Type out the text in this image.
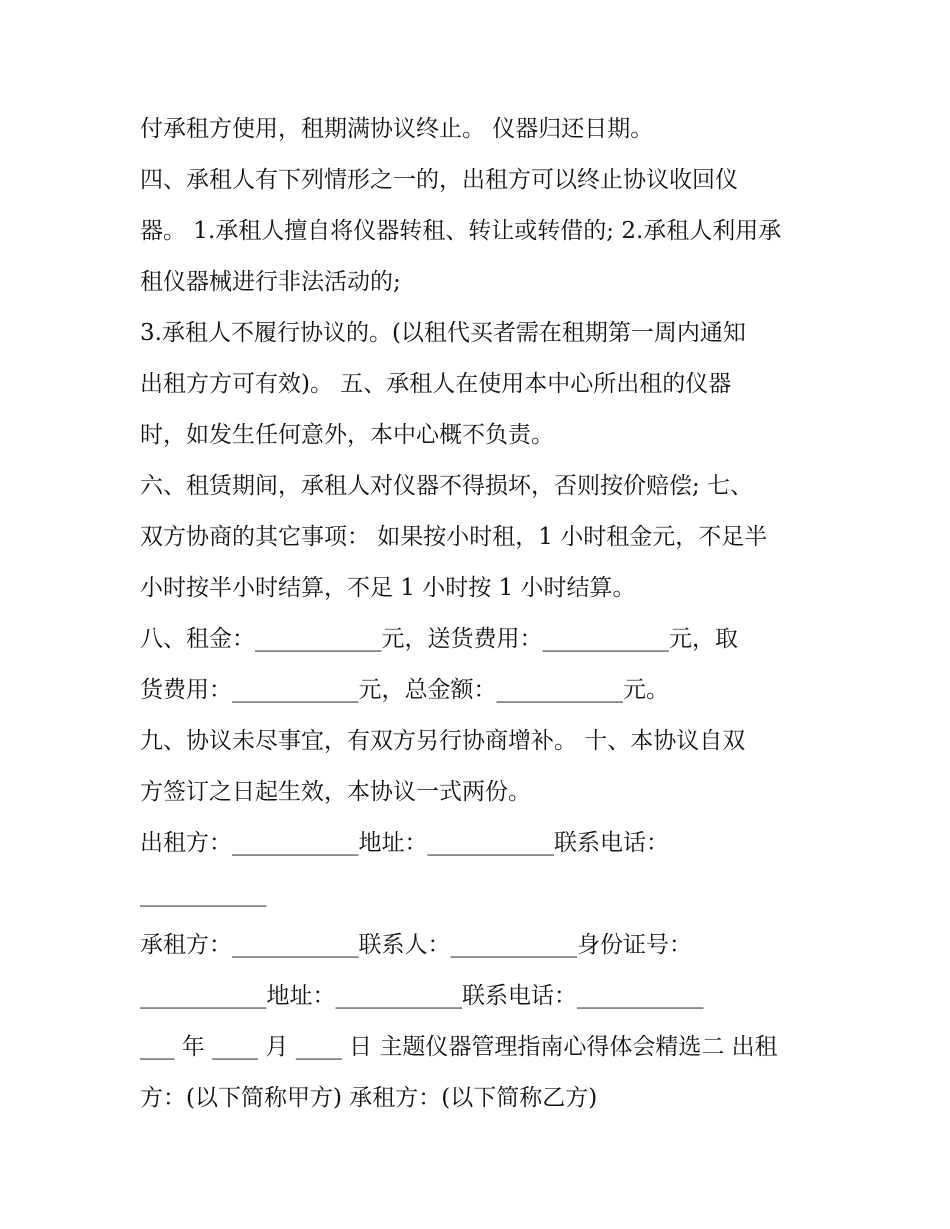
付承租方使用，租期满协议终止。 仪器归还日期。
四、承租人有下列情形之一的，出租方可以终止协议收回仪
器。 1.承租人擅自将仪器转租、转让或转借的; 2.承租人利用承
租仪器械进行非法活动的;
3.承租人不履行协议的。(以租代买者需在租期第一周内通知
出租方方可有效)。 五、承租人在使用本中心所出租的仪器
时，如发生任何意外，本中心概不负责。
六、租赁期间，承租人对仪器不得损坏，否则按价赔偿; 七、
双方协商的其它事项： 如果按小时租，1 小时租金元，不足半
小时按半小时结算，不足 1 小时按 1 小时结算。
八、租金：___________元，送货费用：___________元，取
货费用：___________元，总金额：___________元。
九、协议未尽事宜，有双方另行协商增补。 十、本协议自双
方签订之日起生效，本协议一式两份。
出租方：___________地址：___________联系电话：
___________
承租方：___________联系人：___________身份证号：
___________地址：___________联系电话：___________
___ 年 ____ 月 ____ 日 主题仪器管理指南心得体会精选二 出租
方：(以下简称甲方) 承租方：(以下简称乙方)
